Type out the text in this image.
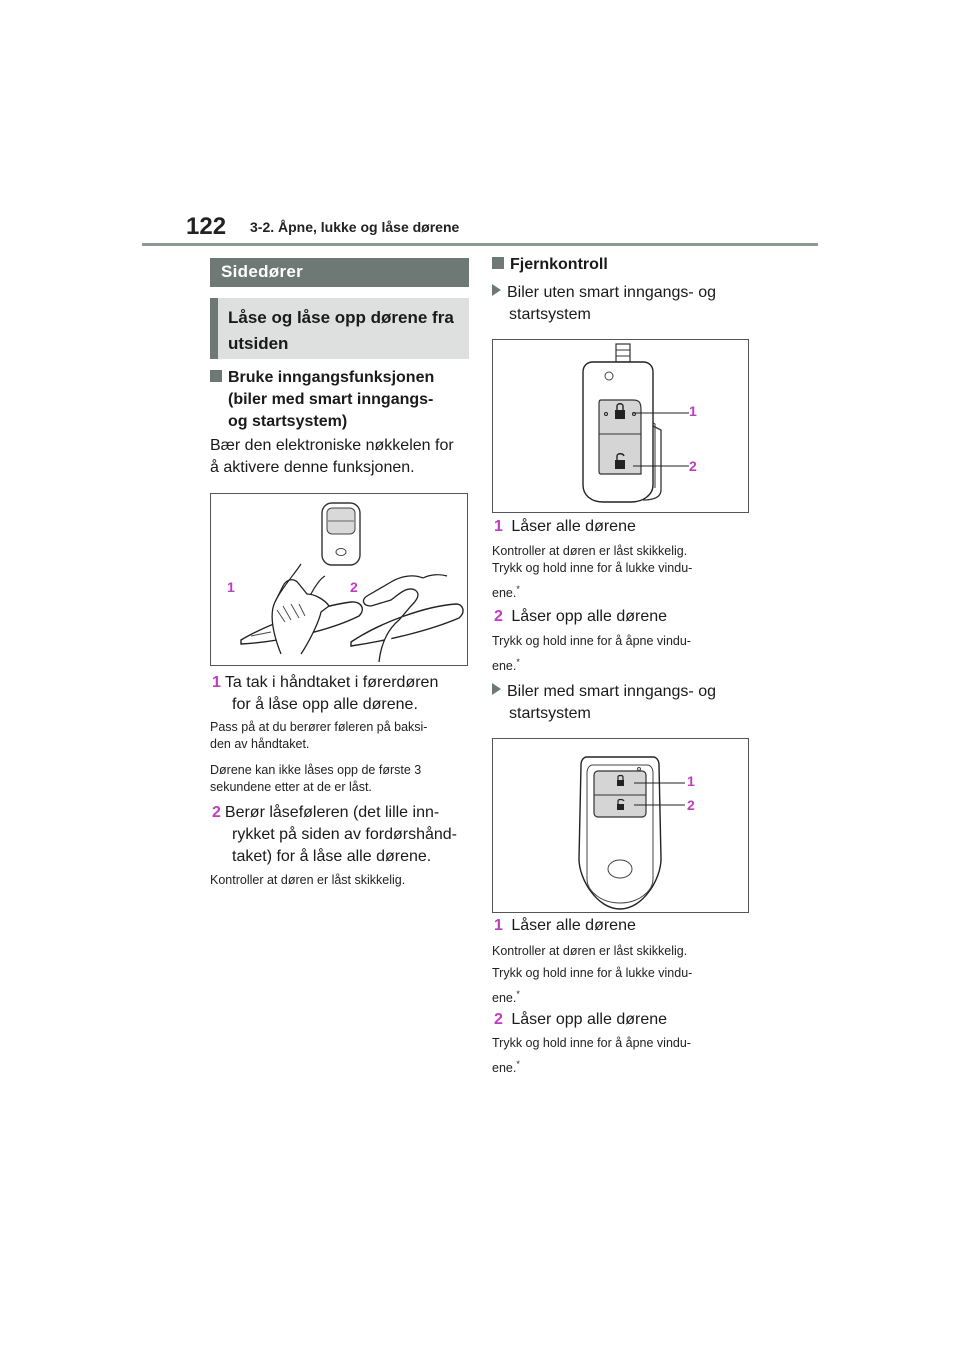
122 3-2. Åpne, lukke og låse dørene
Sidedører
Låse og låse opp dørene fra
utsiden
Bruke inngangsfunksjonen
(biler med smart inngangs-
og startsystem)
Bær den elektroniske nøkkelen for
å aktivere denne funksjonen.
1	2
1 Ta tak i håndtaket i førerdøren
for å låse opp alle dørene.
Pass på at du berører føleren på baksi-
den av håndtaket.
Dørene kan ikke låses opp de første 3
sekundene etter at de er låst.
2 Berør låseføleren (det lille inn-
rykket på siden av fordørshånd-
taket) for å låse alle dørene.
Kontroller at døren er låst skikkelig.
Fjernkontroll
Biler uten smart inngangs- og
startsystem
1
2
1 Låser alle dørene
Kontroller at døren er låst skikkelig.
Trykk og hold inne for å lukke vindu-
ene.*
2 Låser opp alle dørene
Trykk og hold inne for å åpne vindu-
ene.*
Biler med smart inngangs- og
startsystem
1
2
1 Låser alle dørene
Kontroller at døren er låst skikkelig.
Trykk og hold inne for å lukke vindu-
ene.*
2 Låser opp alle dørene
Trykk og hold inne for å åpne vindu-
ene.*
